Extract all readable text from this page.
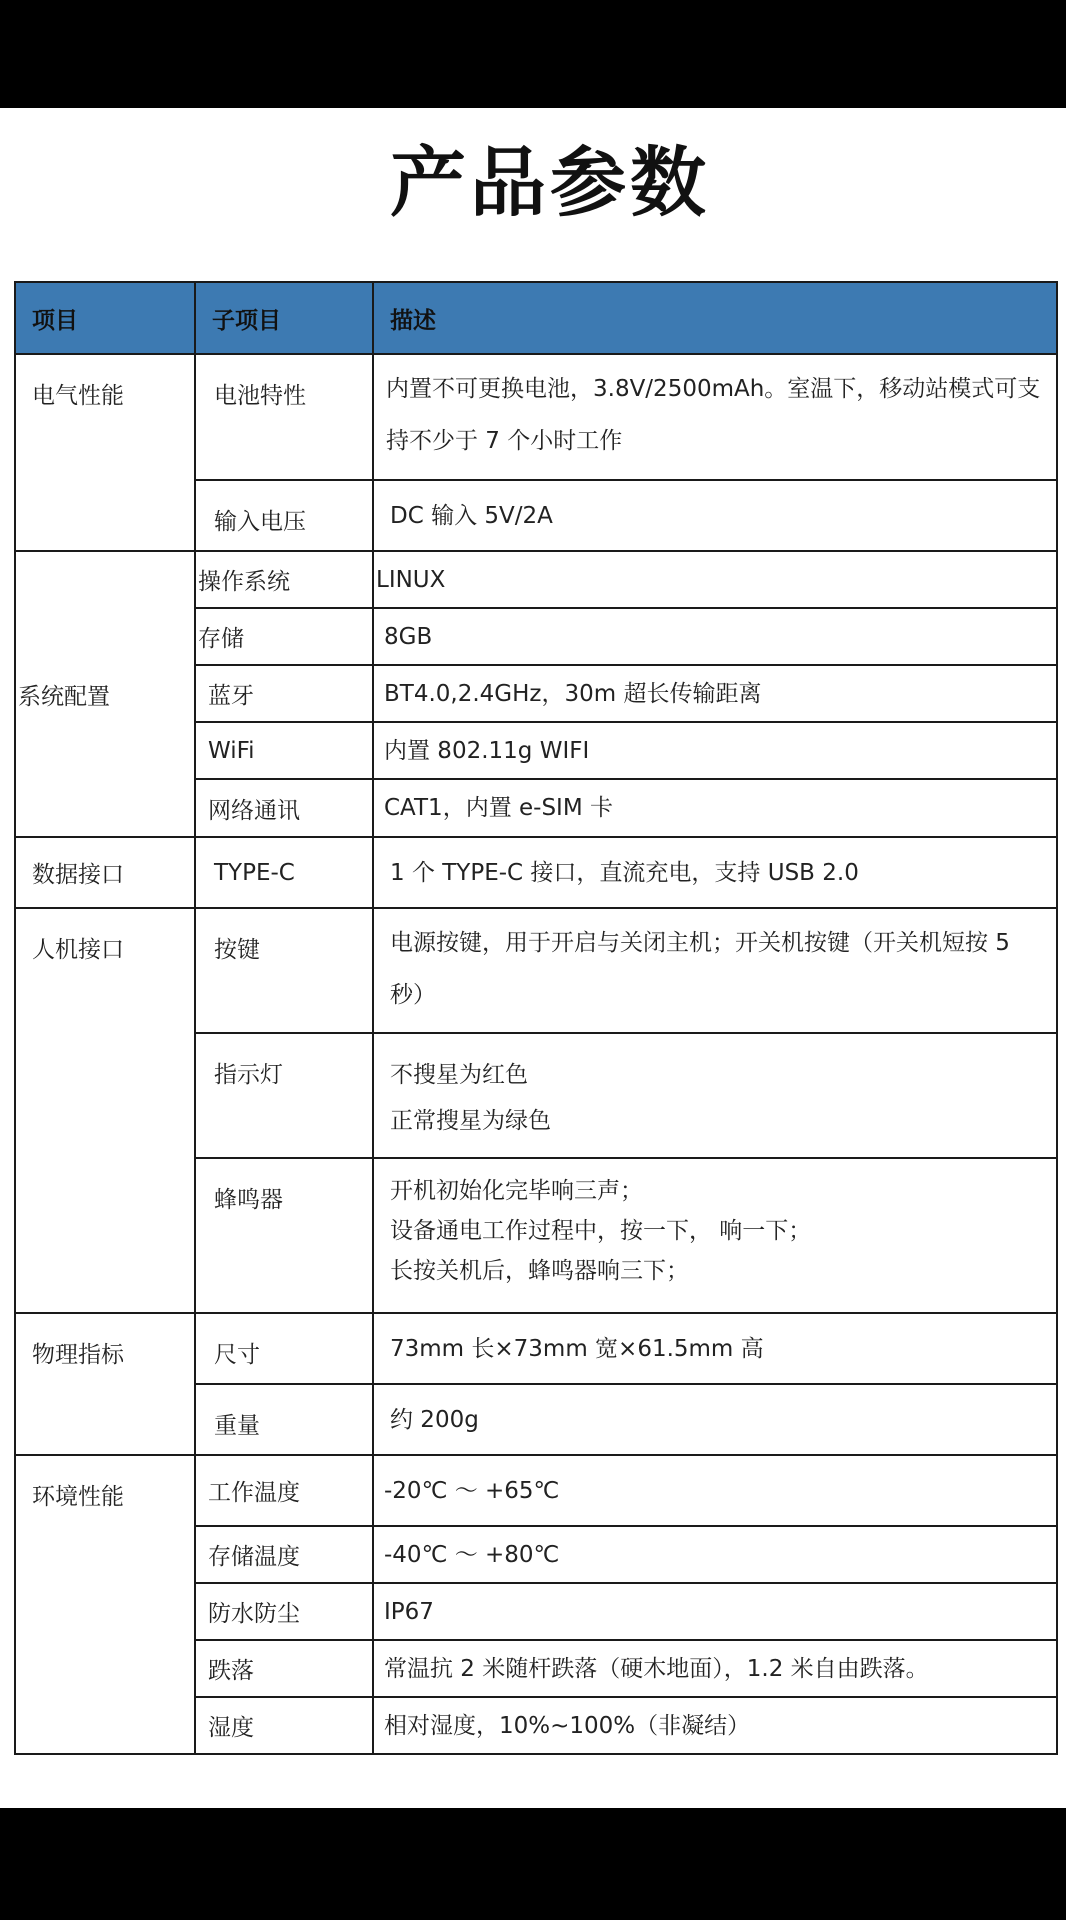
产品参数
项目	子项目	描述
电气性能	电池特性	内置不可更换电池，3.8V/2500mAh。室温下，移动站模式可支持不少于 7 个小时工作
	输入电压	DC 输入 5V/2A
系统配置	操作系统	LINUX
	存储	8GB
	蓝牙	BT4.0,2.4GHz，30m 超长传输距离
	WiFi	内置 802.11g WIFI
	网络通讯	CAT1，内置 e-SIM 卡
数据接口	TYPE-C	1 个 TYPE-C 接口，直流充电，支持 USB 2.0
人机接口	按键	电源按键，用于开启与关闭主机；开关机按键（开关机短按 5 秒）
	指示灯	不搜星为红色
正常搜星为绿色

	蜂鸣器	开机初始化完毕响三声；
设备通电工作过程中，按一下， 响一下；
长按关机后，蜂鸣器响三下；

物理指标	尺寸	73mm 长×73mm 宽×61.5mm 高
	重量	约 200g
环境性能	工作温度	-20℃ ～ +65℃
	存储温度	-40℃ ～ +80℃
	防水防尘	IP67
	跌落	常温抗 2 米随杆跌落（硬木地面），1.2 米自由跌落。
	湿度	相对湿度，10%~100%（非凝结）
